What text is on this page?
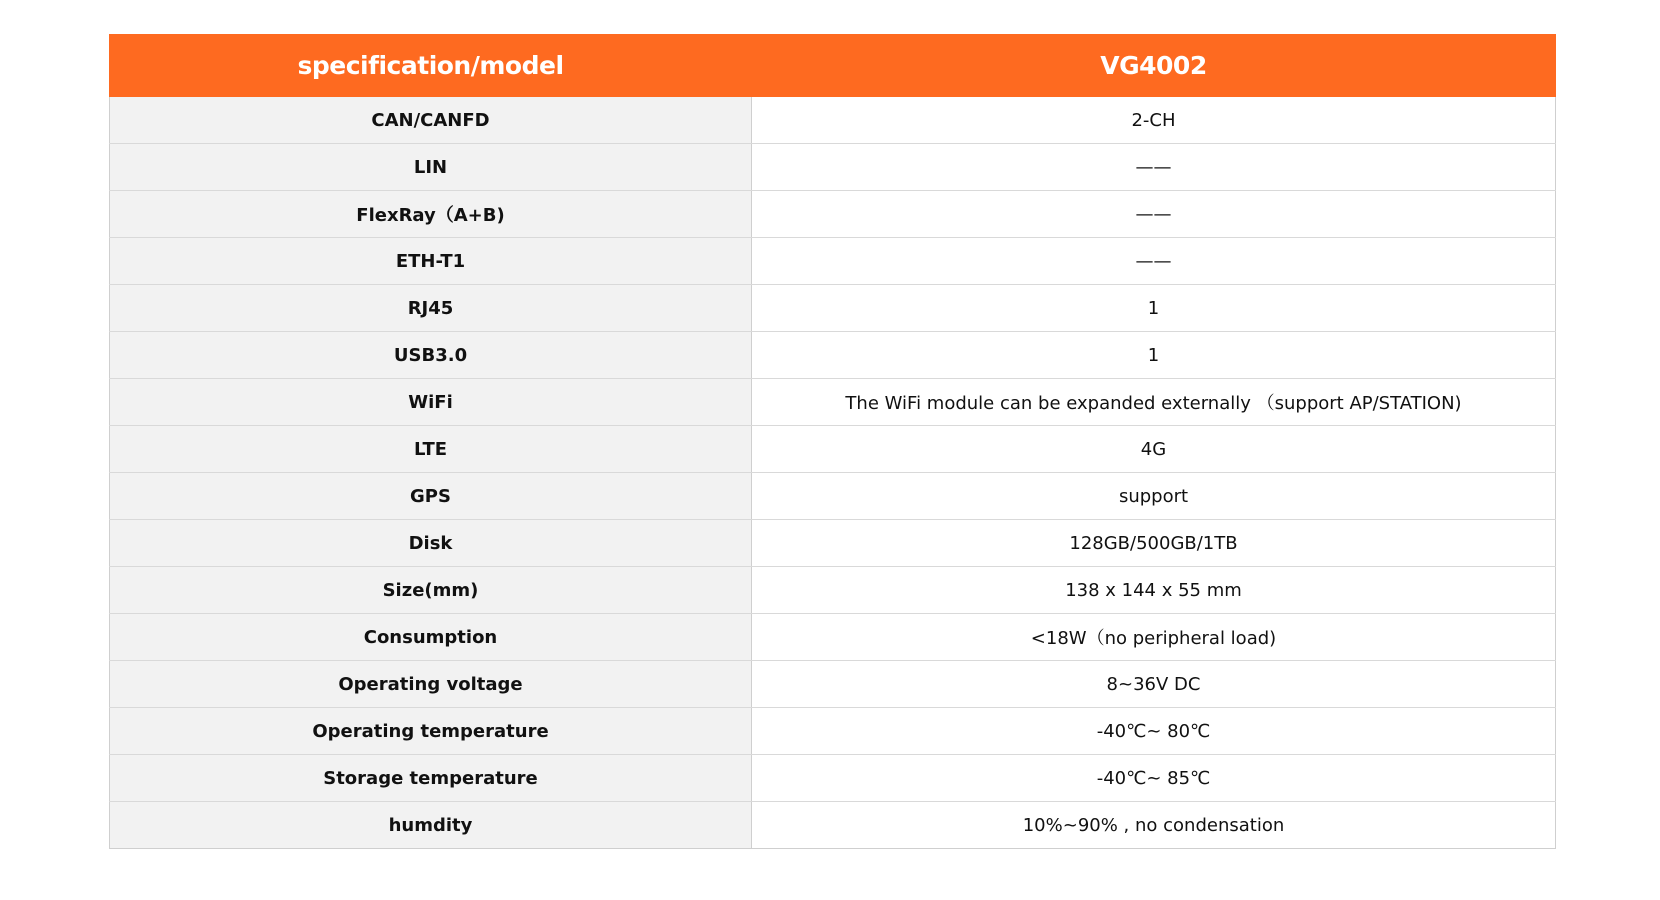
specification/model	VG4002
CAN/CANFD	2-CH
LIN	——
FlexRay（A+B)	——
ETH-T1	——
RJ45	1
USB3.0	1
WiFi	The WiFi module can be expanded externally （support AP/STATION)
LTE	4G
GPS	support
Disk	128GB/500GB/1TB
Size(mm)	138 x 144 x 55 mm
Consumption	<18W（no peripheral load)
Operating voltage	8~36V DC
Operating temperature	-40℃~ 80℃
Storage temperature	-40℃~ 85℃
humdity	10%~90% , no condensation
